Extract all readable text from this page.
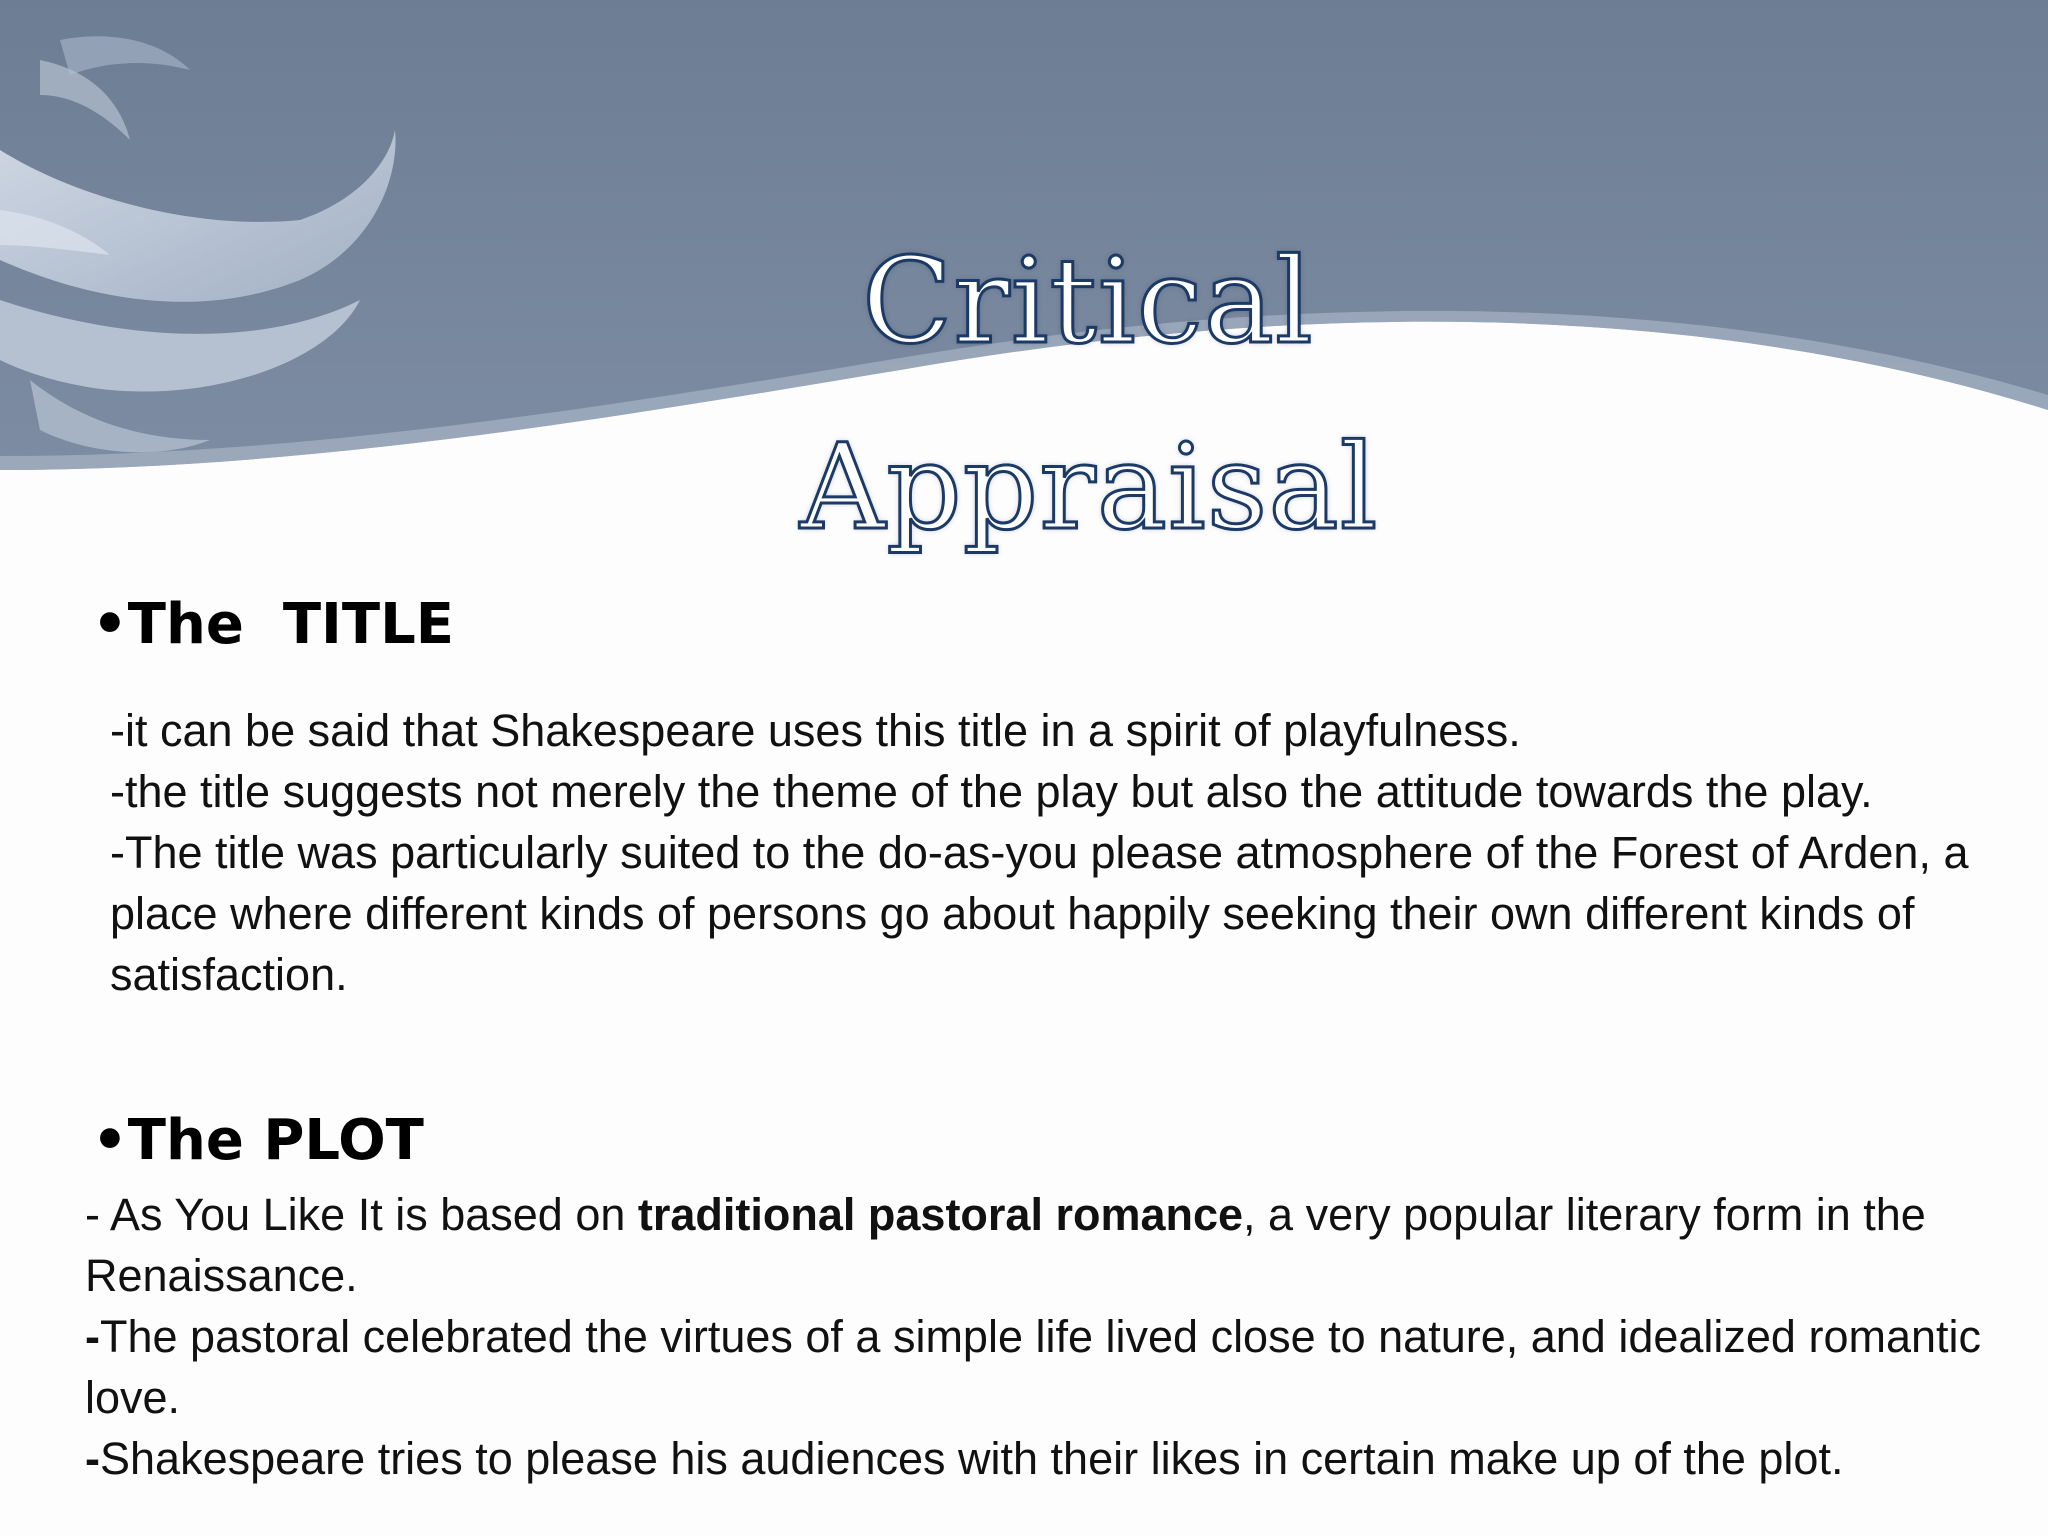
Critical
Appraisal
•The  TITLE

-it can be said that Shakespeare uses this title in a spirit of playfulness.

-the title suggests not merely the theme of the play but also the attitude towards the play.

-The title was particularly suited to the do-as-you please atmosphere of the Forest of Arden, a place where different kinds of persons go about happily seeking their own different kinds of satisfaction.

•The PLOT

- As You Like It is based on traditional pastoral romance, a very popular literary form in the Renaissance.

-The pastoral celebrated the virtues of a simple life lived close to nature, and idealized romantic love.

-Shakespeare tries to please his audiences with their likes in certain make up of the plot.
